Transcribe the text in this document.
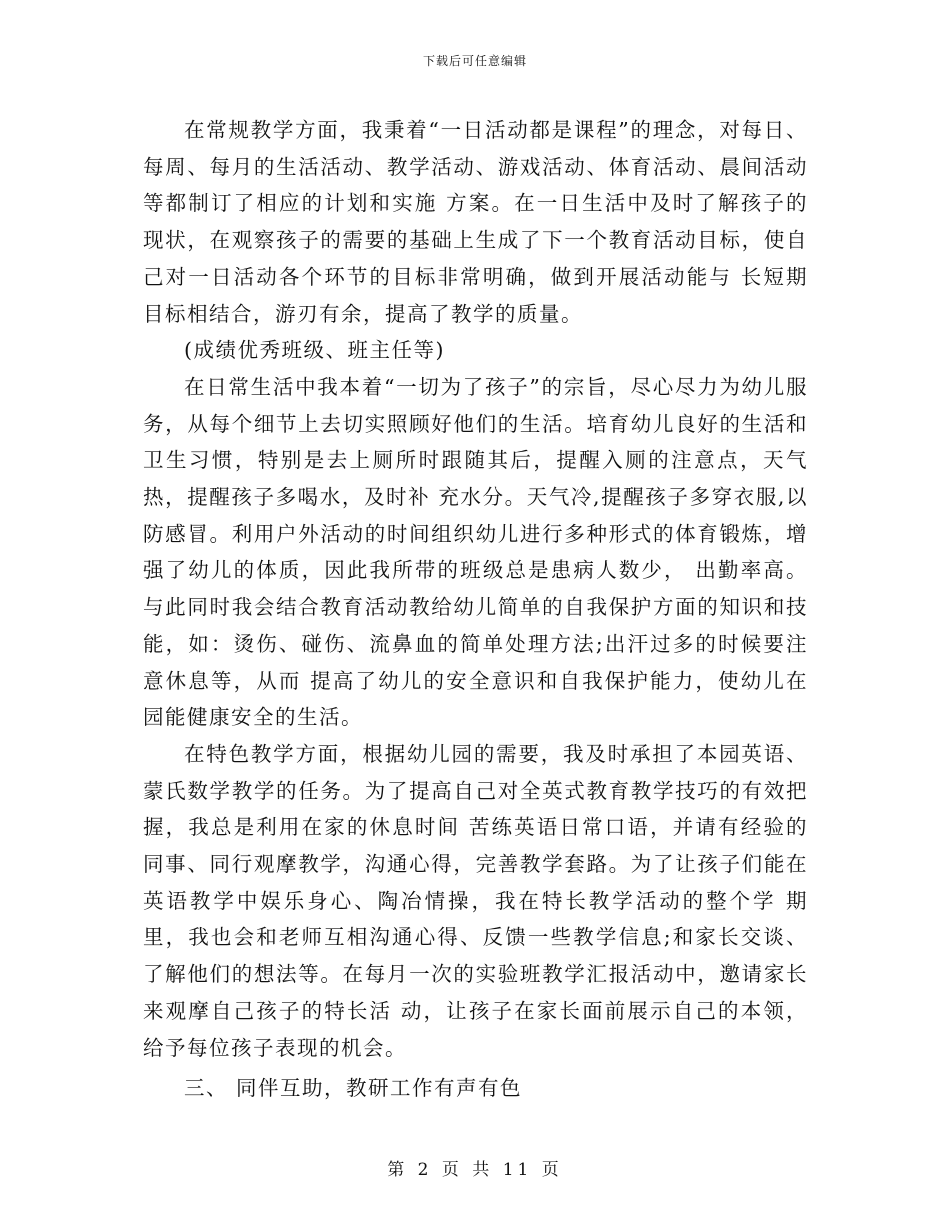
下载后可任意编辑

在常规教学方面，我秉着“一日活动都是课程”的理念，对每日、每周、每月的生活活动、教学活动、游戏活动、体育活动、晨间活动等都制订了相应的计划和实施 方案。在一日生活中及时了解孩子的现状，在观察孩子的需要的基础上生成了下一个教育活动目标，使自己对一日活动各个环节的目标非常明确，做到开展活动能与 长短期目标相结合，游刃有余，提高了教学的质量。

(成绩优秀班级、班主任等)

在日常生活中我本着“一切为了孩子”的宗旨，尽心尽力为幼儿服 务，从每个细节上去切实照顾好他们的生活。培育幼儿良好的生活和卫生习惯，特别是去上厕所时跟随其后，提醒入厕的注意点，天气热，提醒孩子多喝水，及时补 充水分。天气冷,提醒孩子多穿衣服,以防感冒。利用户外活动的时间组织幼儿进行多种形式的体育锻炼，增强了幼儿的体质，因此我所带的班级总是患病人数少， 出勤率高。与此同时我会结合教育活动教给幼儿简单的自我保护方面的知识和技能，如：烫伤、碰伤、流鼻血的简单处理方法;出汗过多的时候要注意休息等，从而 提高了幼儿的安全意识和自我保护能力，使幼儿在园能健康安全的生活。

在特色教学方面，根据幼儿园的需要，我及时承担了本园英语、蒙氏数学教学的任务。为了提高自己对全英式教育教学技巧的有效把握，我总是利用在家的休息时间 苦练英语日常口语，并请有经验的同事、同行观摩教学，沟通心得，完善教学套路。为了让孩子们能在英语教学中娱乐身心、陶冶情操，我在特长教学活动的整个学 期里，我也会和老师互相沟通心得、反馈一些教学信息;和家长交谈、了解他们的想法等。在每月一次的实验班教学汇报活动中，邀请家长来观摩自己孩子的特长活 动，让孩子在家长面前展示自己的本领，给予每位孩子表现的机会。

三、 同伴互助，教研工作有声有色

第 2 页 共 11 页
